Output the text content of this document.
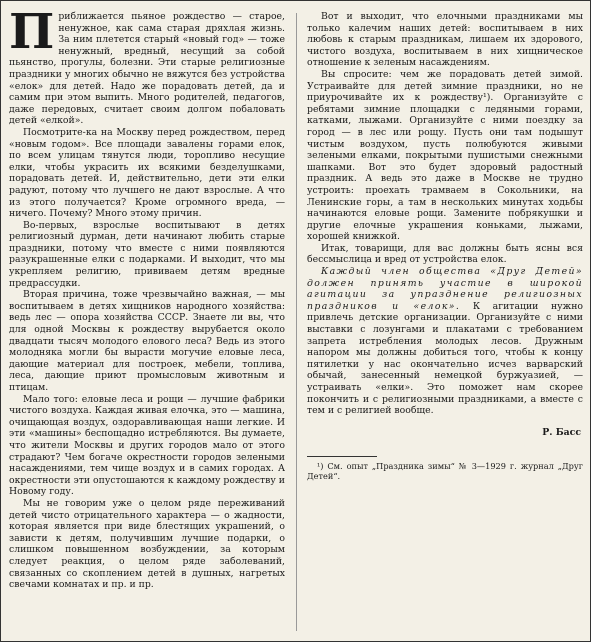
Приближается пьяное рождество — старое, ненужное, как сама старая дряхлая жизнь. За ним плетется старый «новый год» — тоже ненужный, вредный, несущий за собой пьянство, прогулы, болезни. Эти старые религиозные праздники у многих обычно не вяжутся без устройства «елок» для детей. Надо же порадовать детей, да и самим при этом выпить. Много родителей, педагогов, даже передовых, считает своим долгом побаловать детей «елкой».

Посмотрите-ка на Москву перед рождеством, перед «новым годом». Все площади завалены горами елок, по всем улицам тянутся люди, торопливо несущие елки, чтобы украсить их всякими безделушками, порадовать детей. И, действительно, дети эти елки радуют, потому что лучшего не дают взрослые. А что из этого получается? Кроме огромного вреда, — ничего. Почему? Много этому причин.

Во-первых, взрослые воспитывают в детях религиозный дурман, дети начинают любить старые праздники, потому что вместе с ними появляются разукрашенные елки с подарками. И выходит, что мы укрепляем религию, прививаем детям вредные предрассудки.

Вторая причина, тоже чрезвычайно важная, — мы воспитываем в детях хищников народного хозяйства: ведь лес — опора хозяйства СССР. Знаете ли вы, что для одной Москвы к рождеству вырубается около двадцати тысяч молодого елового леса? Ведь из этого молодняка могли бы вырасти могучие еловые леса, дающие материал для построек, мебели, топлива, леса, дающие приют промысловым животным и птицам.

Мало того: еловые леса и рощи — лучшие фабрики чистого воздуха. Каждая живая елочка, это — машина, очищающая воздух, оздоравливающая наши легкие. И эти «машины» беспощадно истребляются. Вы думаете, что жители Москвы и других городов мало от этого страдают? Чем богаче окрестности городов зелеными насаждениями, тем чище воздух и в самих городах. А окрестности эти опустошаются к каждому рождеству и Новому году.

Мы не говорим уже о целом ряде переживаний детей чисто отрицательного характера — о жадности, которая является при виде блестящих украшений, о зависти к детям, получившим лучшие подарки, о слишком повышенном возбуждении, за которым следует реакция, о целом ряде заболеваний, связанных со скоплением детей в душных, нагретых свечами комнатах и пр. и пр.

Вот и выходит, что елочными праздниками мы только калечим наших детей: воспитываем в них любовь к старым праздникам, лишаем их здорового, чистого воздуха, воспитываем в них хищническое отношение к зеленым насаждениям.

Вы спросите: чем же порадовать детей зимой. Устраивайте для детей зимние праздники, но не приурочивайте их к рождеству¹). Организуйте с ребятами зимние площадки с ледяными горами, катками, лыжами. Организуйте с ними поездку за город — в лес или рощу. Пусть они там подышут чистым воздухом, пусть полюбуются живыми зелеными елками, покрытыми пушистыми снежными шапками. Вот это будет здоровый радостный праздник. А ведь это даже в Москве не трудно устроить: проехать трамваем в Сокольники, на Ленинские горы, а там в нескольких минутах ходьбы начинаются еловые рощи. Замените побрякушки и другие елочные украшения коньками, лыжами, хорошей книжкой.

Итак, товарищи, для вас должны быть ясны вся бессмыслица и вред от устройства елок.

Каждый член общества «Друг Детей» должен принять участие в широкой агитации за упразднение религиозных праздников и «елок». К агитации нужно привлечь детские организации. Организуйте с ними выставки с лозунгами и плакатами с требованием запрета истребления молодых лесов. Дружным напором мы должны добиться того, чтобы к концу пятилетки у нас окончательно исчез варварский обычай, занесенный немецкой буржуазией, — устраивать «елки». Это поможет нам скорее покончить и с религиозными праздниками, а вместе с тем и с религией вообще.

Р. Басс

¹) См. опыт „Праздника зимы“ № 3—1929 г. журнал „Друг Детей“.
